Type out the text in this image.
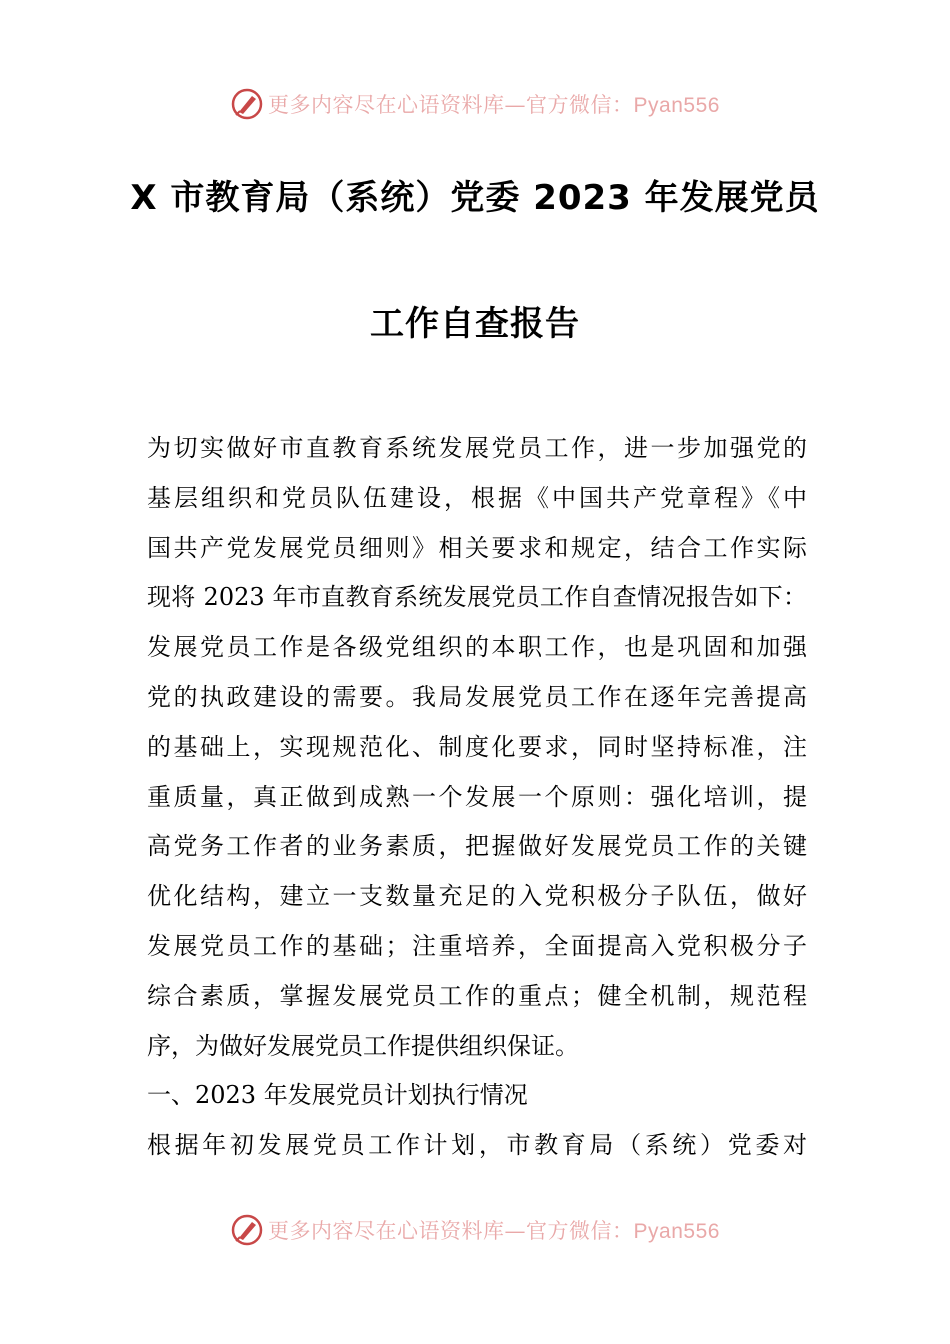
更多内容尽在心语资料库—官方微信：Pyan556
X 市教育局（系统）党委 2023 年发展党员
工作自查报告
为切实做好市直教育系统发展党员工作，进一步加强党的
基层组织和党员队伍建设，根据《中国共产党章程》《中
国共产党发展党员细则》相关要求和规定，结合工作实际
现将 2023 年市直教育系统发展党员工作自查情况报告如下：
发展党员工作是各级党组织的本职工作，也是巩固和加强
党的执政建设的需要。我局发展党员工作在逐年完善提高
的基础上，实现规范化、制度化要求，同时坚持标准，注
重质量，真正做到成熟一个发展一个原则：强化培训，提
高党务工作者的业务素质，把握做好发展党员工作的关键
优化结构，建立一支数量充足的入党积极分子队伍，做好
发展党员工作的基础；注重培养，全面提高入党积极分子
综合素质，掌握发展党员工作的重点；健全机制，规范程
序，为做好发展党员工作提供组织保证。
一、2023 年发展党员计划执行情况
根据年初发展党员工作计划，市教育局（系统）党委对
更多内容尽在心语资料库—官方微信：Pyan556
